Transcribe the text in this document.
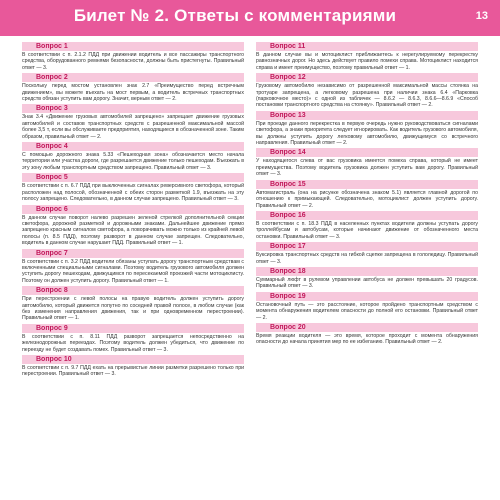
Билет № 2. Ответы с комментариями	13
Вопрос 1
В соответствии с п. 2.1.2 ПДД при движении водитель и все пассажиры транспортного средства, оборудованного ремнями безопасности, должны быть пристегнуты. Правильный ответ — 3.
Вопрос 2
Поскольку перед мостом установлен знак 2.7 «Преимущество перед встречным движением», вы можете въехать на мост первым, а водитель встречных транспортных средств обязан уступить вам дорогу. Значит, верным ответ — 2.
Вопрос 3
Знак 3.4 «Движение грузовых автомобилей запрещено» запрещает движение грузовых автомобилей и составов транспортных средств с разрешенной максимальной массой более 3,5 т, если вы обслуживаете предприятия, находящиеся в обозначенной зоне. Таким образом, правильный ответ — 2.
Вопрос 4
С помощью дорожного знака 5.33 «Пешеходная зона» обозначается место начала территории или участка дороги, где разрешается движение только пешеходам. Въезжать в эту зону любым транспортным средством запрещено. Правильный ответ — 3.
Вопрос 5
В соответствии с п. 6.7 ПДД при выключенных сигналах реверсивного светофора, который расположен над полосой, обозначенной с обеих сторон разметкой 1.9, въезжать на эту полосу запрещено. Следовательно, в данном случае запрещено. Правильный ответ — 3.
Вопрос 6
В данном случае поворот налево разрешен зеленой стрелкой дополнительной секции светофора, дорожной разметкой и дорожными знаками. Дальнейшее движение прямо запрещено красным сигналом светофора, а поворачивать можно только из крайней левой полосы (п. 8.5 ПДД), поэтому разворот в данном случае запрещен. Следовательно, водитель в данном случае нарушает ПДД. Правильный ответ — 1.
Вопрос 7
В соответствии с п. 3.2 ПДД водители обязаны уступать дорогу транспортным средствам с включенными специальными сигналами. Поэтому водитель грузового автомобиля должен уступить дорогу пешеходам, движущимся по пересекаемой проезжей части мотоциклисту. Поэтому он должен уступить дорогу. Правильный ответ — 1.
Вопрос 8
При перестроении с левой полосы на правую водитель должен уступить дорогу автомобилю, который движется попутно по соседней правой полосе, в любом случае (как без изменения направления движения, так и при одновременном перестроении). Правильный ответ — 1.
Вопрос 9
В соответствии с п. 8.11 ПДД разворот запрещается непосредственно на железнодорожных переездах. Поэтому водитель должен убедиться, что движение по переезду не будет создавать помех. Правильный ответ — 3.
Вопрос 10
В соответствии с п. 9.7 ПДД ехать на прерывистые линии разметки разрешено только при перестроении. Правильный ответ — 3.
Вопрос 11
В данном случае вы и мотоциклист приближаетесь к нерегулируемому перекрестку равнозначных дорог. Но здесь действует правило помехи справа. Мотоциклист находится справа и имеет преимущество, поэтому правильный ответ — 1.
Вопрос 12
Грузовому автомобилю независимо от разрешенной максимальной массы стоянка на тротуаре запрещена, а легковому разрешена при наличии знака 6.4 «Парковка (парковочное место)» с одной из табличек — 8.6.2 — 8.6.3, 8.6.6—8.6.9 «Способ постановки транспортного средства на стоянку». Правильный ответ — 2.
Вопрос 13
При проезде данного перекрестка в первую очередь нужно руководствоваться сигналами светофора, а знаки приоритета следует игнорировать. Как водитель грузового автомобиля, вы должны уступить дорогу легковому автомобилю, движущемуся со встречного направления. Правильный ответ — 2.
Вопрос 14
У находящегося слева от вас грузовика имеется помеха справа, который не имеет преимущества. Поэтому водитель грузовика должен уступить вам дорогу. Правильный ответ — 3.
Вопрос 15
Автомагистраль (она на рисунке обозначена знаком 5.1) является главной дорогой по отношению к примыкающей. Следовательно, мотоциклист должен уступить дорогу. Правильный ответ — 2.
Вопрос 16
В соответствии с п. 18.3 ПДД в населенных пунктах водители должны уступать дорогу троллейбусам и автобусам, которые начинают движение от обозначенного места остановки. Правильный ответ — 3.
Вопрос 17
Буксировка транспортных средств на гибкой сцепке запрещена в гололедицу. Правильный ответ — 3.
Вопрос 18
Суммарный люфт в рулевом управлении автобуса не должен превышать 20 градусов. Правильный ответ — 3.
Вопрос 19
Остановочный путь — это расстояние, которое пройдено транспортным средством с момента обнаружения водителем опасности до полной его остановки. Правильный ответ — 2.
Вопрос 20
Время реакции водителя — это время, которое проходит с момента обнаружения опасности до начала принятия мер по ее избеганию. Правильный ответ — 2.
